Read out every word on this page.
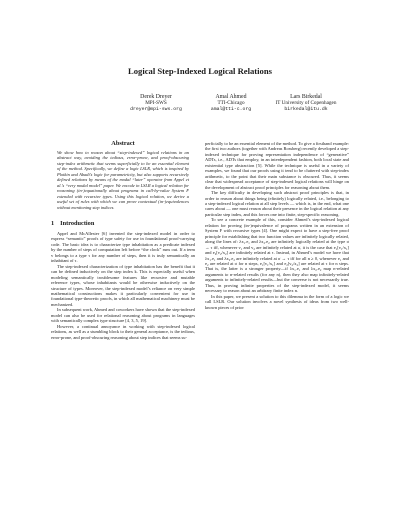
Logical Step-Indexed Logical Relations
Derek Dreyer
MPI-SWS
dreyer@mpi-sws.org
Amal Ahmed
TTI-Chicago
amal@tti-c.org
Lars Birkedal
IT University of Copenhagen
birkedal@itu.dk
Abstract

We show how to reason about “step-indexed” logical relations in an abstract way, avoiding the tedious, error-prone, and proof-obscuring step-index arithmetic that seems superficially to be an essential element of the method. Specifically, we define a logic LSLR, which is inspired by Plotkin and Abadi’s logic for parametricity, but also supports recursively defined relations by means of the modal “later” operator from Appel et al.’s “very modal model” paper. We encode in LSLR a logical relation for reasoning (in-)equationally about programs in call-by-value System F extended with recursive types. Using this logical relation, we derive a useful set of rules with which we can prove contextual (in-)equivalences without mentioning step indices.

1 Introduction

Appel and McAllester [6] invented the step-indexed model in order to express “semantic” proofs of type safety for use in foundational proof-carrying code. The basic idea is to characterize type inhabitation as a predicate indexed by the number of steps of computation left before “the clock” runs out. If a term v belongs to a type τ for any number of steps, then it is truly semantically an inhabitant of τ.

The step-indexed characterization of type inhabitation has the benefit that it can be defined inductively on the step index k. This is especially useful when modeling semantically troublesome features like recursive and mutable reference types, whose inhabitants would be otherwise inductively on the structure of types. Moreover, the step-indexed model’s reliance on very simple mathematical constructions makes it particularly convenient for use in foundational type-theoretic proofs, in which all mathematical machinery must be mechanized.

In subsequent work, Ahmed and coworkers have shown that the step-indexed model can also be used for relational reasoning about programs in languages with semantically complex type structure [4, 3, 5, 19].

However, a continual annoyance in working with step-indexed logical relations, as well as a stumbling block to their general acceptance, is the tedious, error-prone, and proof-obscuring reasoning about step indices that seems su-

perficially to be an essential element of the method. To give a firsthand example: the first two authors (together with Andreas Rossberg) recently developed a step-indexed technique for proving representation independence of “generative” ADTs, i.e., ADTs that employ, in an interdependent fashion, both local state and existential type abstraction [5]. While the technique is useful in a variety of examples, we found that our proofs using it tend to be cluttered with step-index arithmetic, to the point that their main substance is obscured. Thus, it seems clear that widespread acceptance of step-indexed logical relations will hinge on the development of abstract proof principles for reasoning about them.

The key difficulty in developing such abstract proof principles is that, in order to reason about things being (efinitely) logically related, i.e., belonging to a step-indexed logical relation at all step levels — which is, in the end, what one cares about — one must reason about their presence in the logical relation at any particular step index, and this forces one into finite, step-specific reasoning.

To see a concrete example of this, consider Ahmed’s step-indexed logical relation for proving (in-)equivalence of programs written in an extension of System F with recursive types [4]. One might expect to have a step-free proof principle for establishing that two function values are infinitely logically related, along the lines of: λx₁.e₁ and λx₂.e₂ are infinitely logically related at the type σ → τ iff, whenever v₁ and v₂ are infinitely related at σ, it is the case that e₁[v₁/x₁] and e₂[v₂/x₂] are infinitely related at τ. Instead, in Ahmed’s model we have that λx₁.e₁ and λx₂.e₂ are infinitely related at σ → τ iff for all n ≥ 0, whenever e₁ and e₂ are related at σ for n steps, e₁[v₁/x₁] and e₂[v₂/x₂] are related at τ for n steps. That is, the latter is a stronger property—if λx₁.e₁ and λx₂.e₂ map n-related arguments to n-related results (for any n), then they also map infinitely-related arguments to infinitely-related results—but the converse is not necessarily true. Thus, in proving infinite properties of the step-indexed model, it seems necessary to reason about an arbitrary finite index n.

In this paper, we present a solution to this dilemma in the form of a logic we call LSLR. Our solution involves a novel synthesis of ideas from two well-known pieces of prior
